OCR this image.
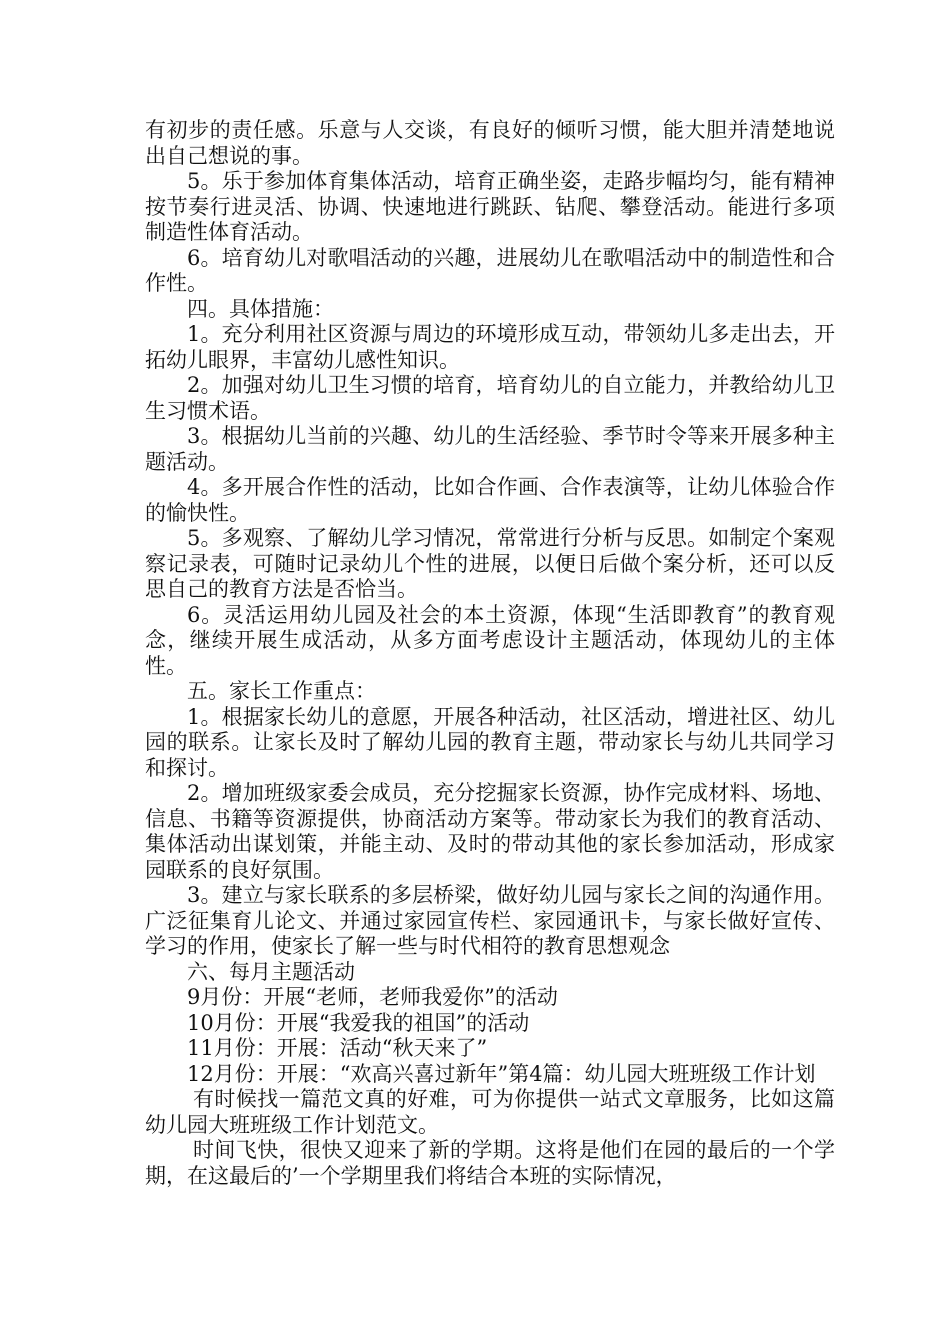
有初步的责任感。乐意与人交谈，有良好的倾听习惯，能大胆并清楚地说出自己想说的事。

5。乐于参加体育集体活动，培育正确坐姿，走路步幅均匀，能有精神按节奏行进灵活、协调、快速地进行跳跃、钻爬、攀登活动。能进行多项制造性体育活动。

6。培育幼儿对歌唱活动的兴趣，进展幼儿在歌唱活动中的制造性和合作性。

四。具体措施：

1。充分利用社区资源与周边的环境形成互动，带领幼儿多走出去，开拓幼儿眼界，丰富幼儿感性知识。

2。加强对幼儿卫生习惯的培育，培育幼儿的自立能力，并教给幼儿卫生习惯术语。

3。根据幼儿当前的兴趣、幼儿的生活经验、季节时令等来开展多种主题活动。

4。多开展合作性的活动，比如合作画、合作表演等，让幼儿体验合作的愉快性。

5。多观察、了解幼儿学习情况，常常进行分析与反思。如制定个案观察记录表，可随时记录幼儿个性的进展，以便日后做个案分析，还可以反思自己的教育方法是否恰当。

6。灵活运用幼儿园及社会的本土资源，体现“生活即教育”的教育观念，继续开展生成活动，从多方面考虑设计主题活动，体现幼儿的主体性。

五。家长工作重点：

1。根据家长幼儿的意愿，开展各种活动，社区活动，增进社区、幼儿园的联系。让家长及时了解幼儿园的教育主题，带动家长与幼儿共同学习和探讨。

2。增加班级家委会成员，充分挖掘家长资源，协作完成材料、场地、信息、书籍等资源提供，协商活动方案等。带动家长为我们的教育活动、集体活动出谋划策，并能主动、及时的带动其他的家长参加活动，形成家园联系的良好氛围。

3。建立与家长联系的多层桥梁，做好幼儿园与家长之间的沟通作用。广泛征集育儿论文、并通过家园宣传栏、家园通讯卡，与家长做好宣传、学习的作用，使家长了解一些与时代相符的教育思想观念

六、每月主题活动

9月份：开展“老师，老师我爱你”的活动

10月份：开展“我爱我的祖国”的活动

11月份：开展：活动“秋天来了”

12月份：开展：“欢高兴喜过新年”第4篇：幼儿园大班班级工作计划

有时候找一篇范文真的好难，可为你提供一站式文章服务，比如这篇幼儿园大班班级工作计划范文。

时间飞快，很快又迎来了新的学期。这将是他们在园的最后的一个学期，在这最后的’一个学期里我们将结合本班的实际情况，
